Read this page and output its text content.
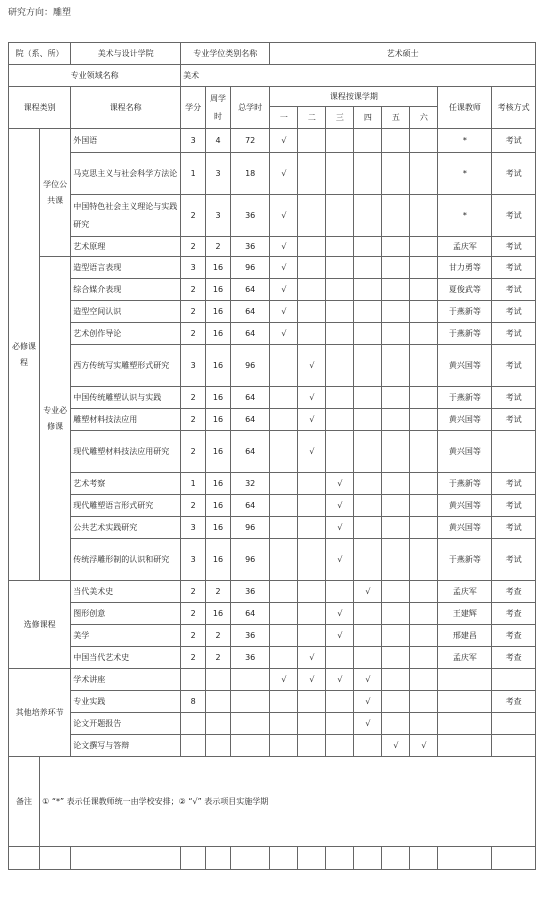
研究方向：雕塑
院（系、所）		美术与设计学院	专业学位类别名称			艺术硕士							
专业领域名称			美术										
课程类别		课程名称	学分	周学时	总学时	课程按课学期						任课教师	考核方式
						一	二	三	四	五	六		
必修课程	学位公共课	外国语	3	4	72	√						*	考试
		马克思主义与社会科学方法论	1	3	18	√						*	考试
		中国特色社会主义理论与实践研究	2	3	36	√						*	考试
		艺术原理	2	2	36	√						孟庆军	考试
	专业必修课	造型语言表现	3	16	96	√						甘力勇等	考试
		综合媒介表现	2	16	64	√						夏俊武等	考试
		造型空间认识	2	16	64	√						于燕新等	考试
		艺术创作导论	2	16	64	√						于燕新等	考试
		西方传统写实雕塑形式研究	3	16	96		√					黄兴国等	考试
		中国传统雕塑认识与实践	2	16	64		√					于燕新等	考试
		雕塑材料技法应用	2	16	64		√					黄兴国等	考试
		现代雕塑材料技法应用研究	2	16	64		√					黄兴国等	
		艺术考察	1	16	32			√				于燕新等	考试
		现代雕塑语言形式研究	2	16	64			√				黄兴国等	考试
		公共艺术实践研究	3	16	96			√				黄兴国等	考试
		传统浮雕形制的认识和研究	3	16	96			√				于燕新等	考试
选修课程		当代美术史	2	2	36				√			孟庆军	考查
		图形创意	2	16	64			√				王建辉	考查
		美学	2	2	36			√				邢建昌	考查
		中国当代艺术史	2	2	36		√					孟庆军	考查
其他培养环节		学术讲座				√	√	√	√				
		专业实践	8						√				考查
		论文开题报告							√				
		论文撰写与答辩								√	√		
备注	① “*” 表示任课教师统一由学校安排；② “√” 表示项目实施学期												
